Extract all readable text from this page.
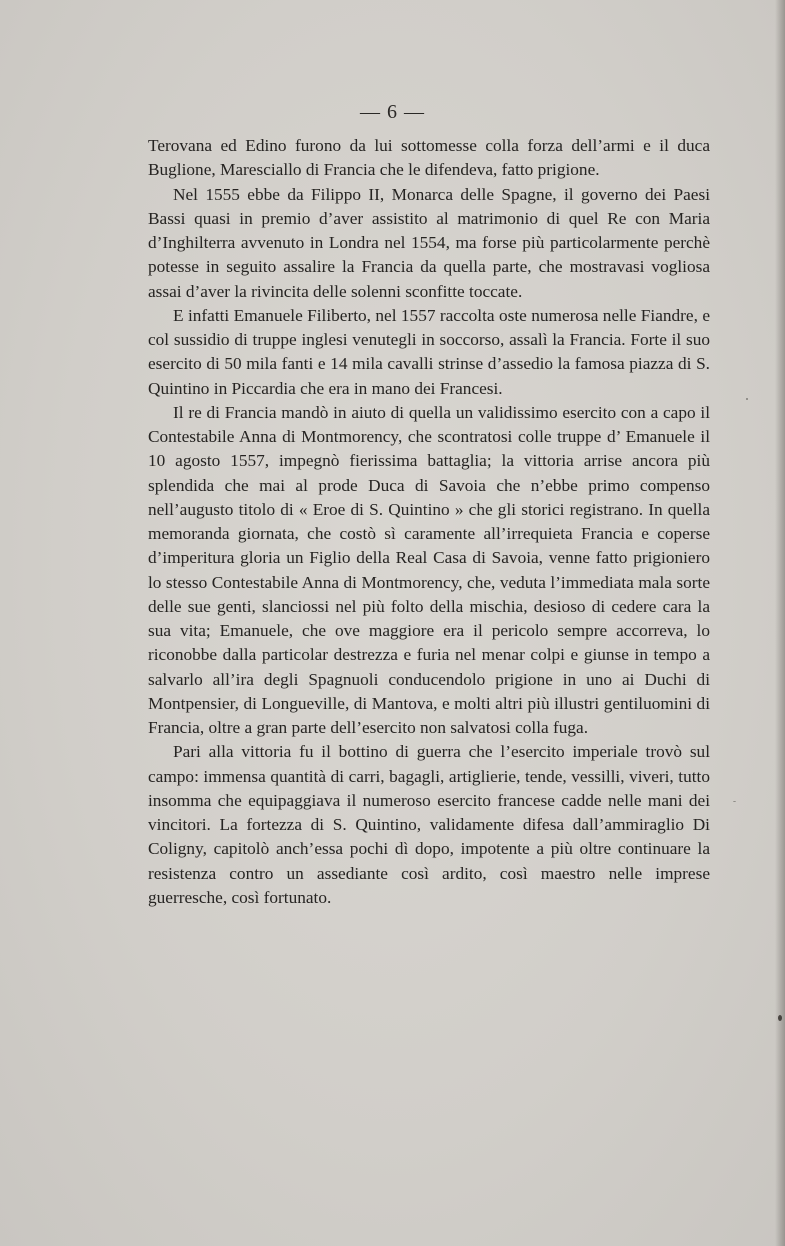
— 6 —

Terovana ed Edino furono da lui sottomesse colla forza dell’armi e il duca Buglione, Maresciallo di Francia che le difendeva, fatto prigione.

Nel 1555 ebbe da Filippo II, Monarca delle Spagne, il governo dei Paesi Bassi quasi in premio d’aver assistito al matrimonio di quel Re con Maria d’Inghilterra avvenuto in Londra nel 1554, ma forse più particolarmente perchè potesse in seguito assalire la Francia da quella parte, che mostravasi vogliosa assai d’aver la rivincita delle solenni sconfitte toccate.

E infatti Emanuele Filiberto, nel 1557 raccolta oste numerosa nelle Fiandre, e col sussidio di truppe inglesi venutegli in soccorso, assalì la Francia. Forte il suo esercito di 50 mila fanti e 14 mila cavalli strinse d’assedio la famosa piazza di S. Quintino in Piccardia che era in mano dei Francesi.

Il re di Francia mandò in aiuto di quella un validissimo esercito con a capo il Contestabile Anna di Montmorency, che scontratosi colle truppe d’ Emanuele il 10 agosto 1557, impegnò fierissima battaglia; la vittoria arrise ancora più splendida che mai al prode Duca di Savoia che n’ebbe primo compenso nell’augusto titolo di « Eroe di S. Quintino » che gli storici registrano. In quella memoranda giornata, che costò sì caramente all’irrequieta Francia e coperse d’imperitura gloria un Figlio della Real Casa di Savoia, venne fatto prigioniero lo stesso Contestabile Anna di Montmorency, che, veduta l’immediata mala sorte delle sue genti, slanciossi nel più folto della mischia, desioso di cedere cara la sua vita; Emanuele, che ove maggiore era il pericolo sempre accorreva, lo riconobbe dalla particolar destrezza e furia nel menar colpi e giunse in tempo a salvarlo all’ira degli Spagnuoli conducendolo prigione in uno ai Duchi di Montpensier, di Longueville, di Mantova, e molti altri più illustri gentiluomini di Francia, oltre a gran parte dell’esercito non salvatosi colla fuga.

Pari alla vittoria fu il bottino di guerra che l’esercito imperiale trovò sul campo: immensa quantità di carri, bagagli, artiglierie, tende, vessilli, viveri, tutto insomma che equipaggiava il numeroso esercito francese cadde nelle mani dei vincitori. La fortezza di S. Quintino, validamente difesa dall’ammiraglio Di Coligny, capitolò anch’essa pochi dì dopo, impotente a più oltre continuare la resistenza contro un assediante così ardito, così maestro nelle imprese guerresche, così fortunato.
